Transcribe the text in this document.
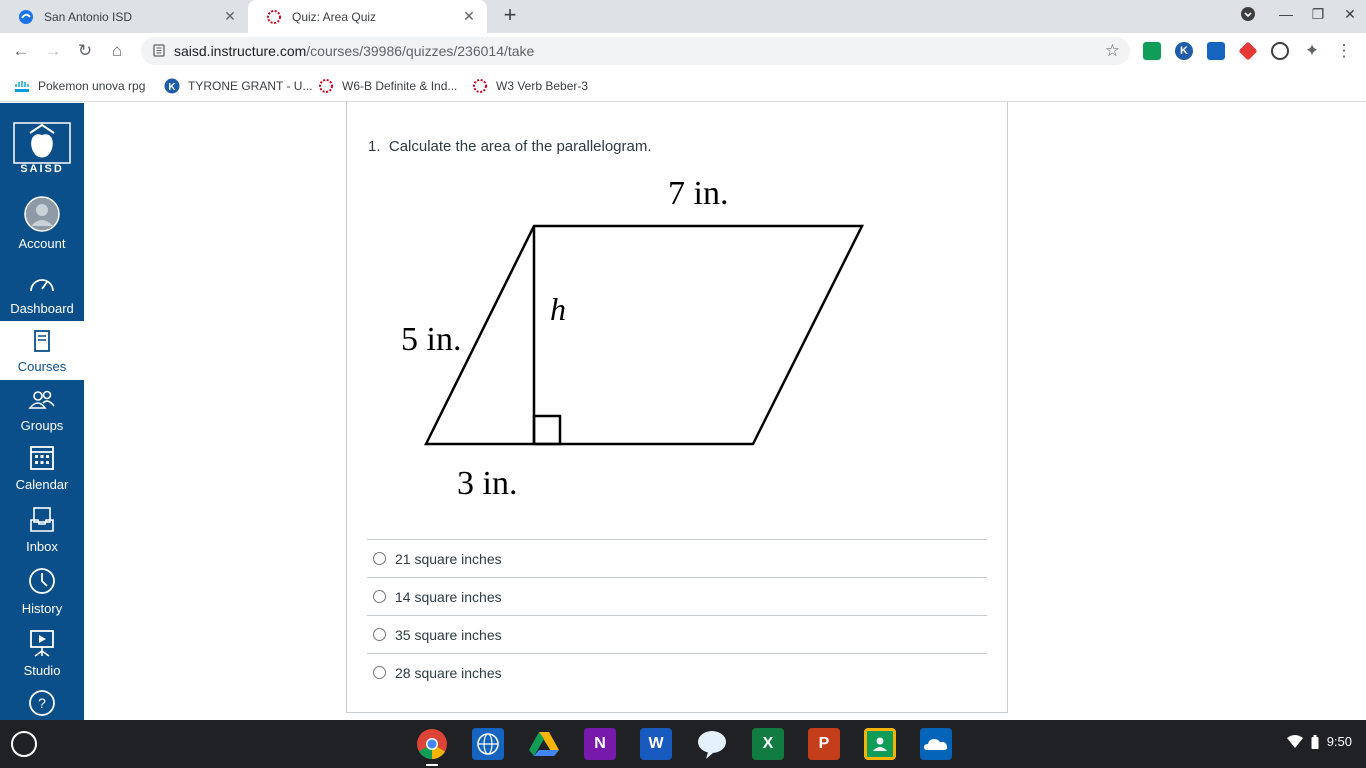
San Antonio ISD	✕	Quiz: Area Quiz	✕ +	—	❐	✕
← → ↻	⌂	saisd.instructure.com/courses/39986/quizzes/236014/take	☆	K	✦ ⋮
Pokemon unova rpg K TYRONE GRANT - U... W6-B Definite & Ind...	W3 Verb Beber-3
SAISD
Account
Dashboard
Courses
Groups
Calendar
Inbox
History
Studio
?
1. Calculate the area of the parallelogram.
7 in.
5 in.
h
3 in.
21 square inches
14 square inches
35 square inches
28 square inches
N	W	X	P	9:50
